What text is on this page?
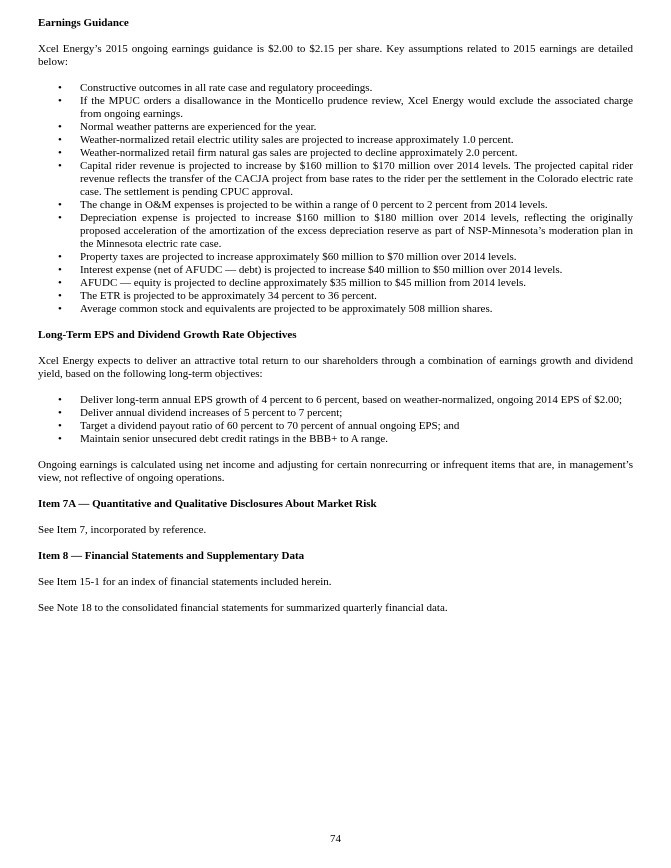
Earnings Guidance

Xcel Energy’s 2015 ongoing earnings guidance is $2.00 to $2.15 per share. Key assumptions related to 2015 earnings are detailed below:

• Constructive outcomes in all rate case and regulatory proceedings.
• If the MPUC orders a disallowance in the Monticello prudence review, Xcel Energy would exclude the associated charge from ongoing earnings.
• Normal weather patterns are experienced for the year.
• Weather-normalized retail electric utility sales are projected to increase approximately 1.0 percent.
• Weather-normalized retail firm natural gas sales are projected to decline approximately 2.0 percent.
• Capital rider revenue is projected to increase by $160 million to $170 million over 2014 levels. The projected capital rider revenue reflects the transfer of the CACJA project from base rates to the rider per the settlement in the Colorado electric rate case. The settlement is pending CPUC approval.
• The change in O&M expenses is projected to be within a range of 0 percent to 2 percent from 2014 levels.
• Depreciation expense is projected to increase $160 million to $180 million over 2014 levels, reflecting the originally proposed acceleration of the amortization of the excess depreciation reserve as part of NSP-Minnesota’s moderation plan in the Minnesota electric rate case.
• Property taxes are projected to increase approximately $60 million to $70 million over 2014 levels.
• Interest expense (net of AFUDC — debt) is projected to increase $40 million to $50 million over 2014 levels.
• AFUDC — equity is projected to decline approximately $35 million to $45 million from 2014 levels.
• The ETR is projected to be approximately 34 percent to 36 percent.
• Average common stock and equivalents are projected to be approximately 508 million shares.
Long-Term EPS and Dividend Growth Rate Objectives

Xcel Energy expects to deliver an attractive total return to our shareholders through a combination of earnings growth and dividend yield, based on the following long-term objectives:

• Deliver long-term annual EPS growth of 4 percent to 6 percent, based on weather-normalized, ongoing 2014 EPS of $2.00;
• Deliver annual dividend increases of 5 percent to 7 percent;
• Target a dividend payout ratio of 60 percent to 70 percent of annual ongoing EPS; and
• Maintain senior unsecured debt credit ratings in the BBB+ to A range.

Ongoing earnings is calculated using net income and adjusting for certain nonrecurring or infrequent items that are, in management’s view, not reflective of ongoing operations.

Item 7A — Quantitative and Qualitative Disclosures About Market Risk

See Item 7, incorporated by reference.

Item 8 — Financial Statements and Supplementary Data

See Item 15-1 for an index of financial statements included herein.

See Note 18 to the consolidated financial statements for summarized quarterly financial data.

74
